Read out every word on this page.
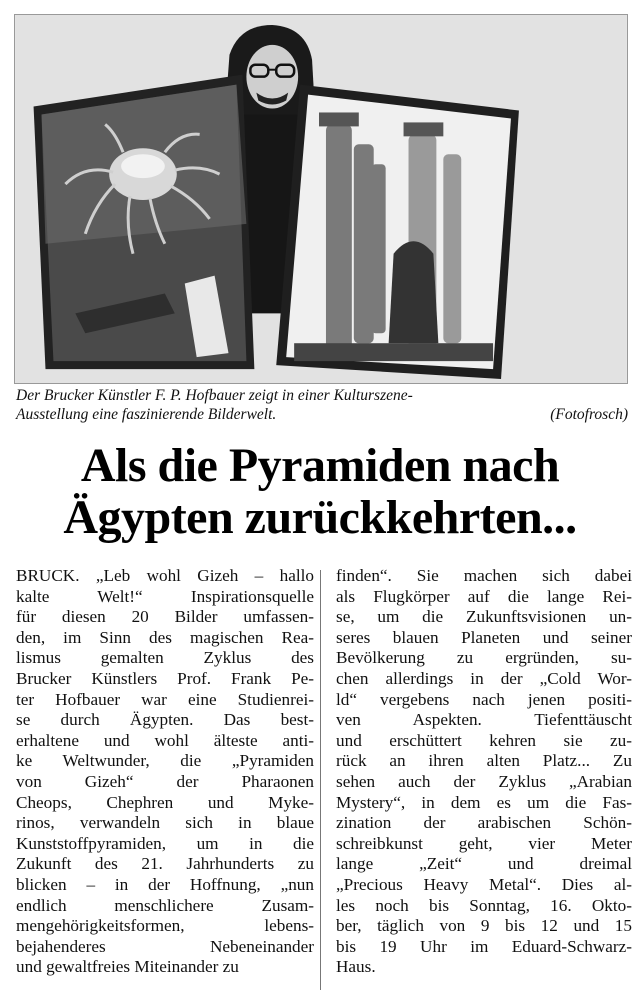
Der Brucker Künstler F. P. Hofbauer zeigt in einer Kulturszene-
Ausstellung eine faszinierende Bilderwelt.	(Fotofrosch)
Als die Pyramiden nach
Ägypten zurückkehrten...
BRUCK. „Leb wohl Gizeh – hallo
kalte Welt!“ Inspirationsquelle
für diesen 20 Bilder umfassen-
den, im Sinn des magischen Rea-
lismus gemalten Zyklus des
Brucker Künstlers Prof. Frank Pe-
ter Hofbauer war eine Studienrei-
se durch Ägypten. Das best-
erhaltene und wohl älteste anti-
ke Weltwunder, die „Pyramiden
von Gizeh“ der Pharaonen
Cheops, Chephren und Myke-
rinos, verwandeln sich in blaue
Kunststoffpyramiden, um in die
Zukunft des 21. Jahrhunderts zu
blicken – in der Hoffnung, „nun
endlich menschlichere Zusam-
mengehörigkeitsformen, lebens-
bejahenderes Nebeneinander
und gewaltfreies Miteinander zu
finden“. Sie machen sich dabei
als Flugkörper auf die lange Rei-
se, um die Zukunftsvisionen un-
seres blauen Planeten und seiner
Bevölkerung zu ergründen, su-
chen allerdings in der „Cold Wor-
ld“ vergebens nach jenen positi-
ven Aspekten. Tiefenttäuscht
und erschüttert kehren sie zu-
rück an ihren alten Platz... Zu
sehen auch der Zyklus „Arabian
Mystery“, in dem es um die Fas-
zination der arabischen Schön-
schreibkunst geht, vier Meter
lange „Zeit“ und dreimal
„Precious Heavy Metal“. Dies al-
les noch bis Sonntag, 16. Okto-
ber, täglich von 9 bis 12 und 15
bis 19 Uhr im Eduard-Schwarz-
Haus.
